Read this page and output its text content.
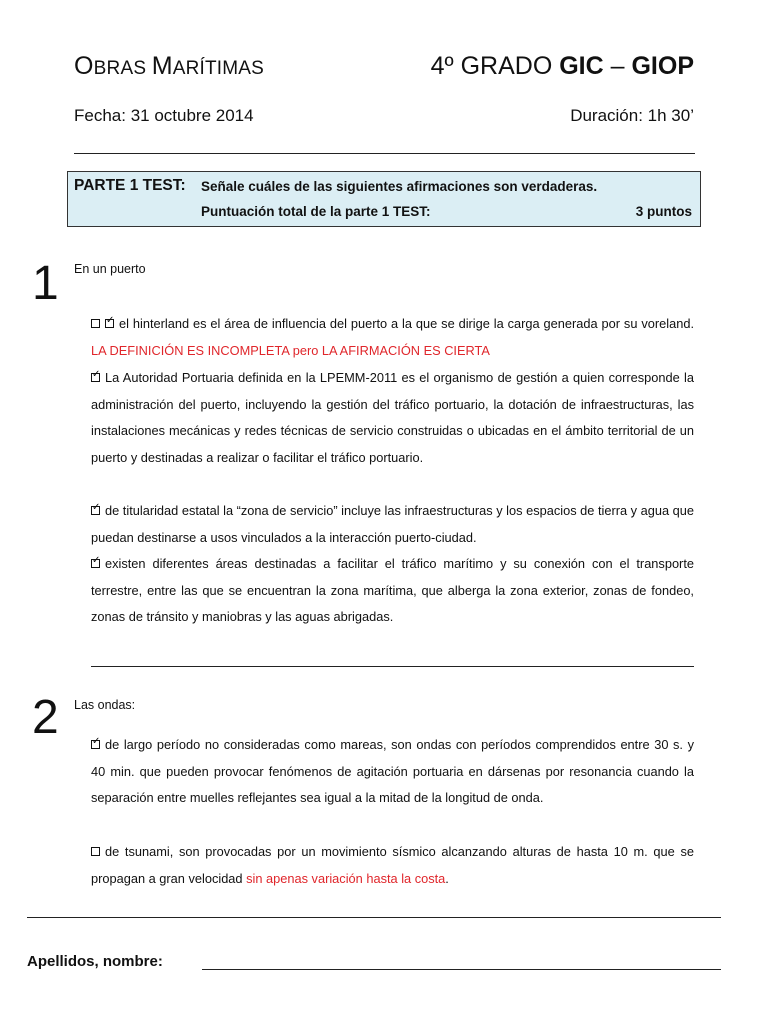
OBRAS MARÍTIMAS	4º GRADO GIC – GIOP
Fecha: 31 octubre 2014	Duración: 1h 30’
PARTE 1 TEST: Señale cuáles de las siguientes afirmaciones son verdaderas.
Puntuación total de la parte 1 TEST:	3 puntos
1 En un puerto
✓ el hinterland es el área de influencia del puerto a la que se dirige la carga generada por su voreland. LA DEFINICIÓN ES INCOMPLETA pero LA AFIRMACIÓN ES CIERTA
✓ La Autoridad Portuaria definida en la LPEMM-2011 es el organismo de gestión a quien corresponde la administración del puerto, incluyendo la gestión del tráfico portuario, la dotación de infraestructuras, las instalaciones mecánicas y redes técnicas de servicio construidas o ubicadas en el ámbito territorial de un puerto y destinadas a realizar o facilitar el tráfico portuario.
✓ de titularidad estatal la “zona de servicio” incluye las infraestructuras y los espacios de tierra y agua que puedan destinarse a usos vinculados a la interacción puerto-ciudad.
✓ existen diferentes áreas destinadas a facilitar el tráfico marítimo y su conexión con el transporte terrestre, entre las que se encuentran la zona marítima, que alberga la zona exterior, zonas de fondeo, zonas de tránsito y maniobras y las aguas abrigadas.
2 Las ondas:
✓ de largo período no consideradas como mareas, son ondas con períodos comprendidos entre 30 s. y 40 min. que pueden provocar fenómenos de agitación portuaria en dársenas por resonancia cuando la separación entre muelles reflejantes sea igual a la mitad de la longitud de onda.
de tsunami, son provocadas por un movimiento sísmico alcanzando alturas de hasta 10 m. que se propagan a gran velocidad sin apenas variación hasta la costa.
Apellidos, nombre:
